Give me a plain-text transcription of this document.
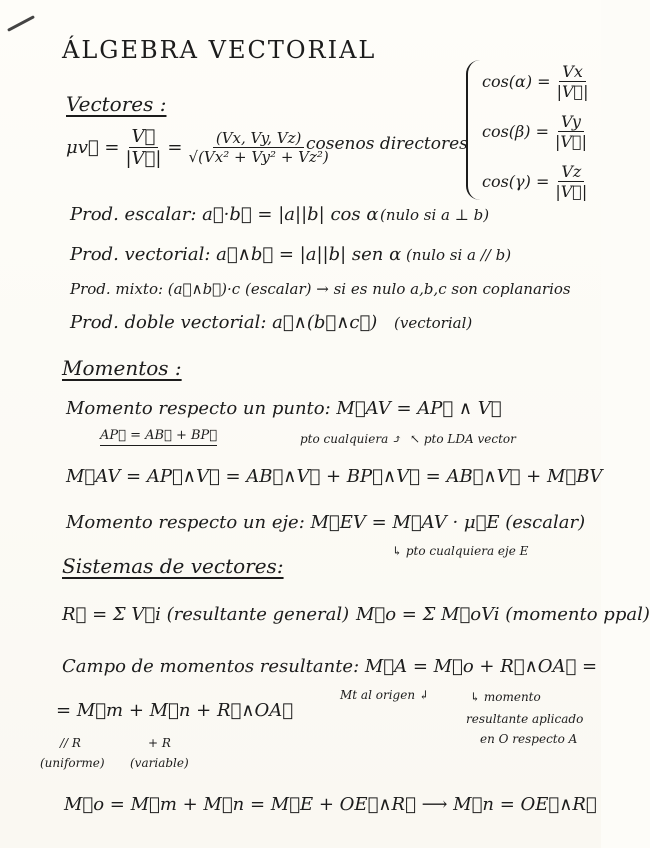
ÁLGEBRA VECTORIAL
Vectores :
μv⃗ = $\frac{V⃗}{|V⃗|} = \frac{(Vx, Vy, Vz)}{\text{√(Vx² + Vy² + Vz²)}}$
cosenos directores
$\cos(\alpha) = \frac{Vx}{|V⃗|}$
$\cos(\beta) = \frac{Vy}{|V⃗|}$
$\cos(\gamma) = \frac{Vz}{|V⃗|}$
Prod. escalar: a⃗·b⃗ = |a||b| cos α (nulo si a ⊥ b)
Prod. vectorial: a⃗∧b⃗ = |a||b| sen α (nulo si a // b)
Prod. mixto: (a⃗∧b⃗)·c (escalar) → si es nulo a,b,c son coplanarios
Prod. doble vectorial: a⃗∧(b⃗∧c⃗) (vectorial)
Momentos :
Momento respecto un punto: M⃗AV = AP⃗ ∧ V⃗
AP⃗ = AB⃗ + BP⃗	pto cualquiera ⤴ ↖ pto LDA vector
M⃗AV = AP⃗∧V⃗ = AB⃗∧V⃗ + BP⃗∧V⃗ = AB⃗∧V⃗ + M⃗BV
Momento respecto un eje: M⃗EV = M⃗AV · μ⃗E (escalar)
↳ pto cualquiera eje E
Sistemas de vectores:
R⃗ = Σ V⃗i (resultante general) M⃗o = Σ M⃗oVi (momento ppal)
Campo de momentos resultante: M⃗A = M⃗o + R⃗∧OA⃗ =
Mt al origen ↲	↳ momento
resultante aplicado
en O respecto A
= M⃗m + M⃗n + R⃗∧OA⃗
// R
(uniforme)
+ R
(variable)
M⃗o = M⃗m + M⃗n = M⃗E + OE⃗∧R⃗ ⟶ M⃗n = OE⃗∧R⃗
